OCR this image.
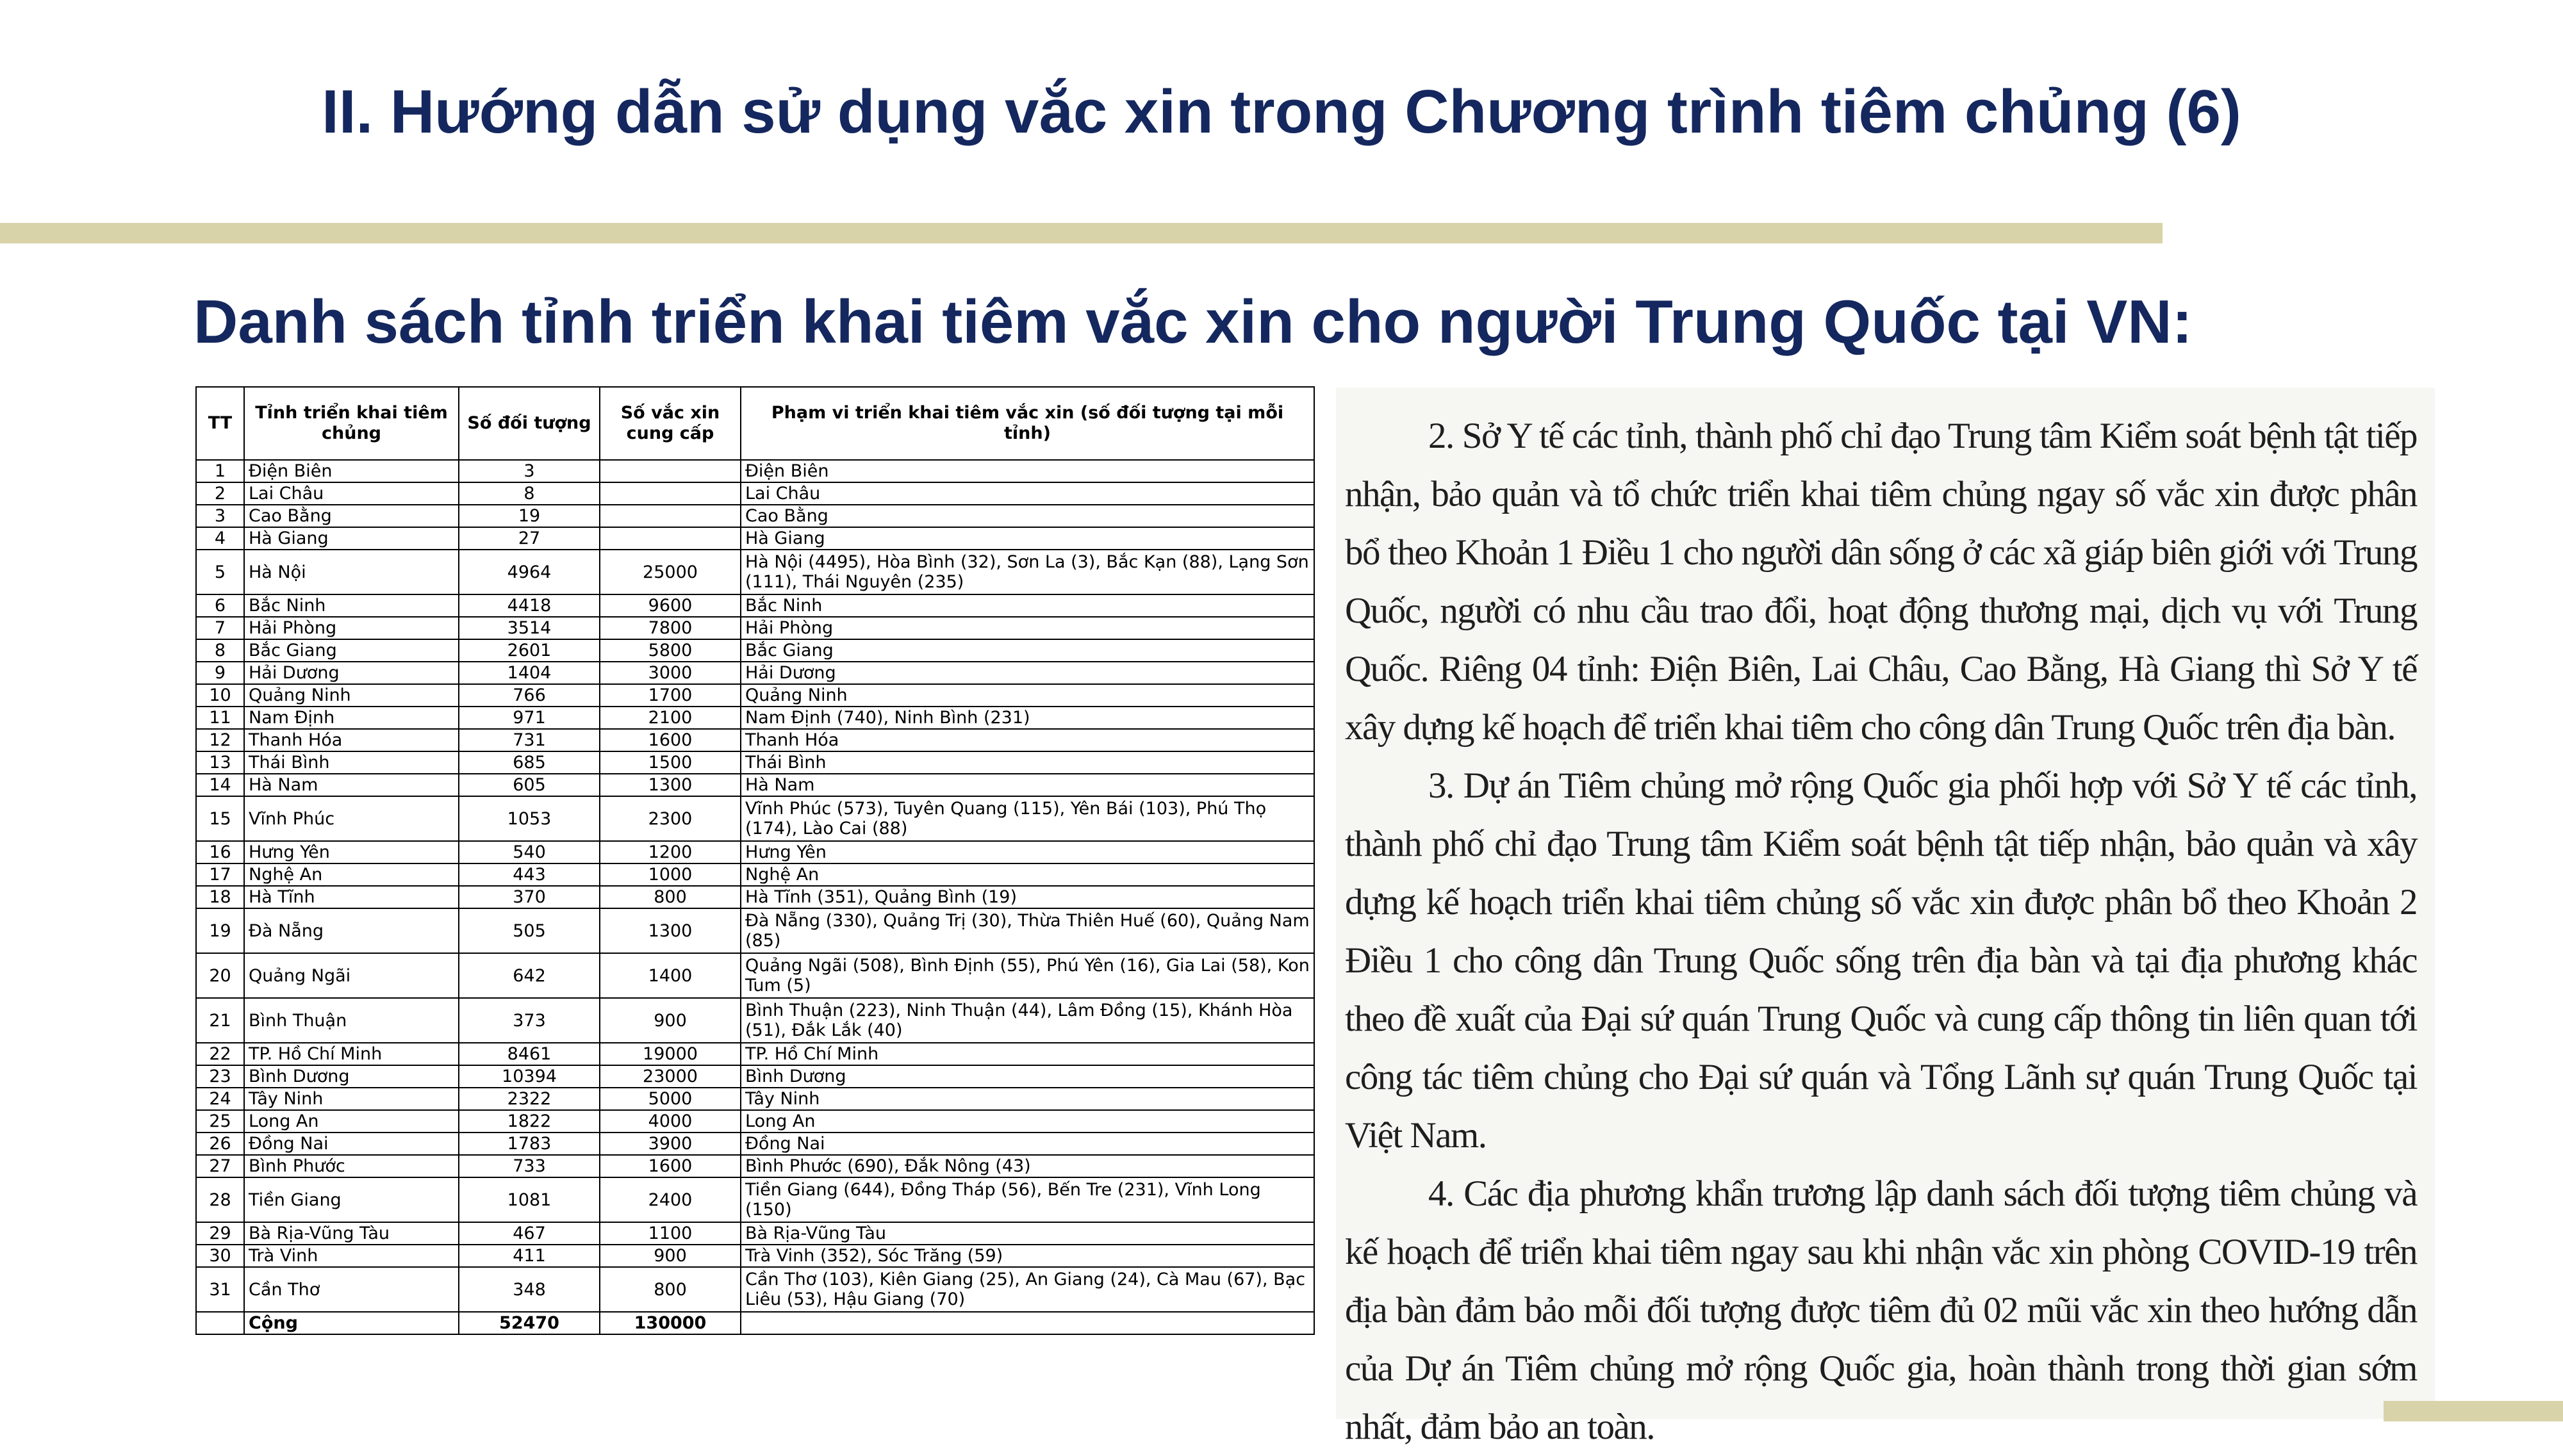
II. Hướng dẫn sử dụng vắc xin trong Chương trình tiêm chủng (6)
Danh sách tỉnh triển khai tiêm vắc xin cho người Trung Quốc tại VN:
TT	Tỉnh triển khai tiêm chủng	Số đối tượng	Số vắc xin cung cấp	Phạm vi triển khai tiêm vắc xin (số đối tượng tại mỗi tỉnh)
1	Điện Biên	3		Điện Biên
2	Lai Châu	8		Lai Châu
3	Cao Bằng	19		Cao Bằng
4	Hà Giang	27		Hà Giang
5	Hà Nội	4964	25000	Hà Nội (4495), Hòa Bình (32), Sơn La (3), Bắc Kạn (88), Lạng Sơn (111), Thái Nguyên (235)
6	Bắc Ninh	4418	9600	Bắc Ninh
7	Hải Phòng	3514	7800	Hải Phòng
8	Bắc Giang	2601	5800	Bắc Giang
9	Hải Dương	1404	3000	Hải Dương
10	Quảng Ninh	766	1700	Quảng Ninh
11	Nam Định	971	2100	Nam Định (740), Ninh Bình (231)
12	Thanh Hóa	731	1600	Thanh Hóa
13	Thái Bình	685	1500	Thái Bình
14	Hà Nam	605	1300	Hà Nam
15	Vĩnh Phúc	1053	2300	Vĩnh Phúc (573), Tuyên Quang (115), Yên Bái (103), Phú Thọ (174), Lào Cai (88)
16	Hưng Yên	540	1200	Hưng Yên
17	Nghệ An	443	1000	Nghệ An
18	Hà Tĩnh	370	800	Hà Tĩnh (351), Quảng Bình (19)
19	Đà Nẵng	505	1300	Đà Nẵng (330), Quảng Trị (30), Thừa Thiên Huế (60), Quảng Nam (85)
20	Quảng Ngãi	642	1400	Quảng Ngãi (508), Bình Định (55), Phú Yên (16), Gia Lai (58), Kon Tum (5)
21	Bình Thuận	373	900	Bình Thuận (223), Ninh Thuận (44), Lâm Đồng (15), Khánh Hòa (51), Đắk Lắk (40)
22	TP. Hồ Chí Minh	8461	19000	TP. Hồ Chí Minh
23	Bình Dương	10394	23000	Bình Dương
24	Tây Ninh	2322	5000	Tây Ninh
25	Long An	1822	4000	Long An
26	Đồng Nai	1783	3900	Đồng Nai
27	Bình Phước	733	1600	Bình Phước (690), Đắk Nông (43)
28	Tiền Giang	1081	2400	Tiền Giang (644), Đồng Tháp (56), Bến Tre (231), Vĩnh Long (150)
29	Bà Rịa-Vũng Tàu	467	1100	Bà Rịa-Vũng Tàu
30	Trà Vinh	411	900	Trà Vinh (352), Sóc Trăng (59)
31	Cần Thơ	348	800	Cần Thơ (103), Kiên Giang (25), An Giang (24), Cà Mau (67), Bạc Liêu (53), Hậu Giang (70)
	Cộng	52470	130000	

2. Sở Y tế các tỉnh, thành phố chỉ đạo Trung tâm Kiểm soát bệnh tật tiếp nhận, bảo quản và tổ chức triển khai tiêm chủng ngay số vắc xin được phân bổ theo Khoản 1 Điều 1 cho người dân sống ở các xã giáp biên giới với Trung Quốc, người có nhu cầu trao đổi, hoạt động thương mại, dịch vụ với Trung Quốc. Riêng 04 tỉnh: Điện Biên, Lai Châu, Cao Bằng, Hà Giang thì Sở Y tế xây dựng kế hoạch để triển khai tiêm cho công dân Trung Quốc trên địa bàn.

3. Dự án Tiêm chủng mở rộng Quốc gia phối hợp với Sở Y tế các tỉnh, thành phố chỉ đạo Trung tâm Kiểm soát bệnh tật tiếp nhận, bảo quản và xây dựng kế hoạch triển khai tiêm chủng số vắc xin được phân bổ theo Khoản 2 Điều 1 cho công dân Trung Quốc sống trên địa bàn và tại địa phương khác theo đề xuất của Đại sứ quán Trung Quốc và cung cấp thông tin liên quan tới công tác tiêm chủng cho Đại sứ quán và Tổng Lãnh sự quán Trung Quốc tại Việt Nam.

4. Các địa phương khẩn trương lập danh sách đối tượng tiêm chủng và kế hoạch để triển khai tiêm ngay sau khi nhận vắc xin phòng COVID-19 trên địa bàn đảm bảo mỗi đối tượng được tiêm đủ 02 mũi vắc xin theo hướng dẫn của Dự án Tiêm chủng mở rộng Quốc gia, hoàn thành trong thời gian sớm nhất, đảm bảo an toàn.
